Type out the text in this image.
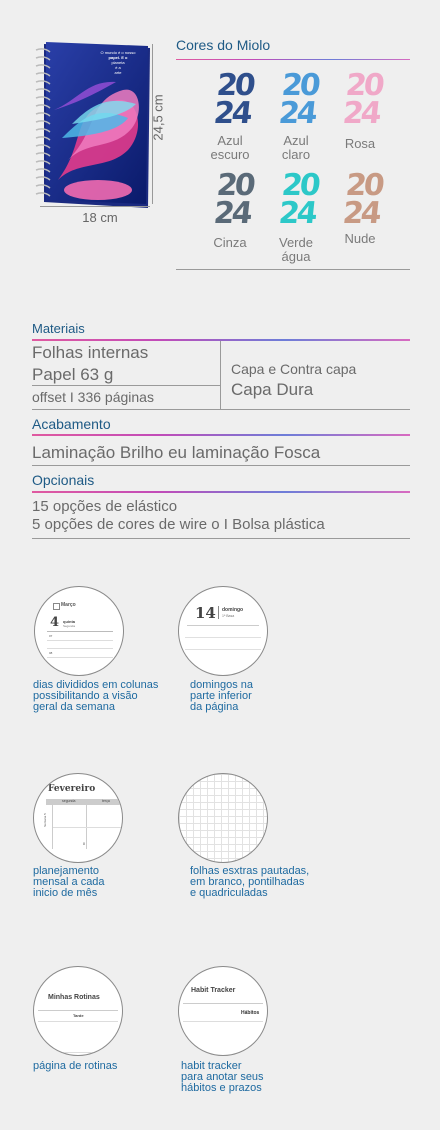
O mundo é o nosso
papel. E o
planeta
é a
arte
24,5 cm
18 cm
Cores do Miolo
20
24
Azul
escuro
20
24
Azul
claro
20
24
Rosa
20
24
Cinza
20
24
Verde
água
20
24
Nude
Materiais
Folhas internas
Papel 63 g
offset I 336 páginas
Capa e Contra capa
Capa Dura
Acabamento
Laminação Brilho eu laminação Fosca
Opcionais
15 opções de elástico
5 opções de cores de wire o I Bolsa plástica
Março
4 quinta
Segunda
07
08
dias divididos em colunas
possibilitando a visão
geral da semana
14 domingo
1ª Basa
domingos na
parte inferior
da página
Fevereiro
segunda	terça
Semana 5
8
planejamento
mensal a cada
inicio de mês
folhas esxtras pautadas,
em branco, pontilhadas
e quadriculadas
Minhas Rotinas
Tarde
página de rotinas
Habit Tracker
Hábitos
habit tracker
para anotar seus
hábitos e prazos
